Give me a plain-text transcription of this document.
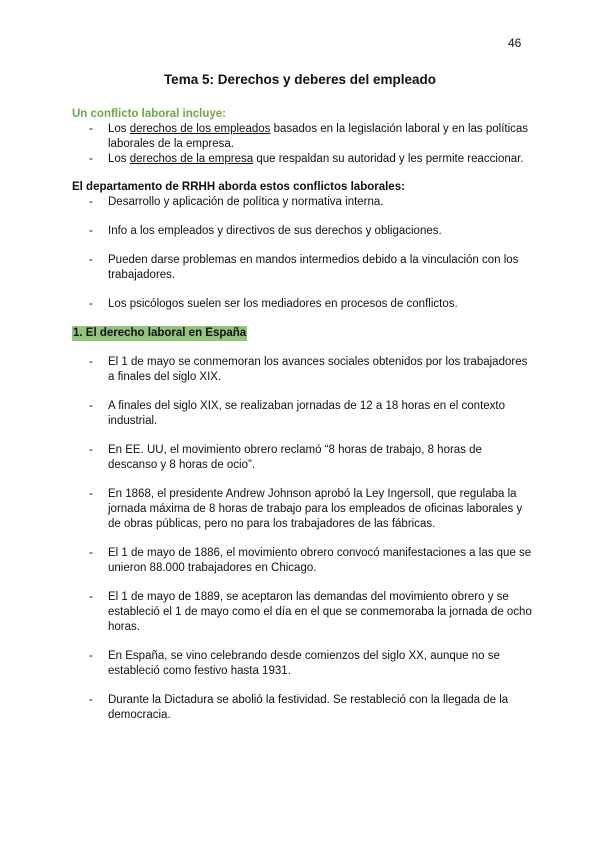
46
Tema 5: Derechos y deberes del empleado
Un conflicto laboral incluye:
- Los derechos de los empleados basados en la legislación laboral y en las políticas laborales de la empresa.
- Los derechos de la empresa que respaldan su autoridad y les permite reaccionar.
El departamento de RRHH aborda estos conflictos laborales:
- Desarrollo y aplicación de política y normativa interna.
- Info a los empleados y directivos de sus derechos y obligaciones.
- Pueden darse problemas en mandos intermedios debido a la vinculación con los trabajadores.
- Los psicólogos suelen ser los mediadores en procesos de conflictos.
1. El derecho laboral en España
- El 1 de mayo se conmemoran los avances sociales obtenidos por los trabajadores a finales del siglo XIX.
- A finales del siglo XIX, se realizaban jornadas de 12 a 18 horas en el contexto industrial.
- En EE. UU, el movimiento obrero reclamó “8 horas de trabajo, 8 horas de descanso y 8 horas de ocio”.
- En 1868, el presidente Andrew Johnson aprobó la Ley Ingersoll, que regulaba la jornada máxima de 8 horas de trabajo para los empleados de oficinas laborales y de obras públicas, pero no para los trabajadores de las fábricas.
- El 1 de mayo de 1886, el movimiento obrero convocó manifestaciones a las que se unieron 88.000 trabajadores en Chicago.
- El 1 de mayo de 1889, se aceptaron las demandas del movimiento obrero y se estableció el 1 de mayo como el día en el que se conmemoraba la jornada de ocho horas.
- En España, se vino celebrando desde comienzos del siglo XX, aunque no se estableció como festivo hasta 1931.
- Durante la Dictadura se abolió la festividad. Se restableció con la llegada de la democracia.
